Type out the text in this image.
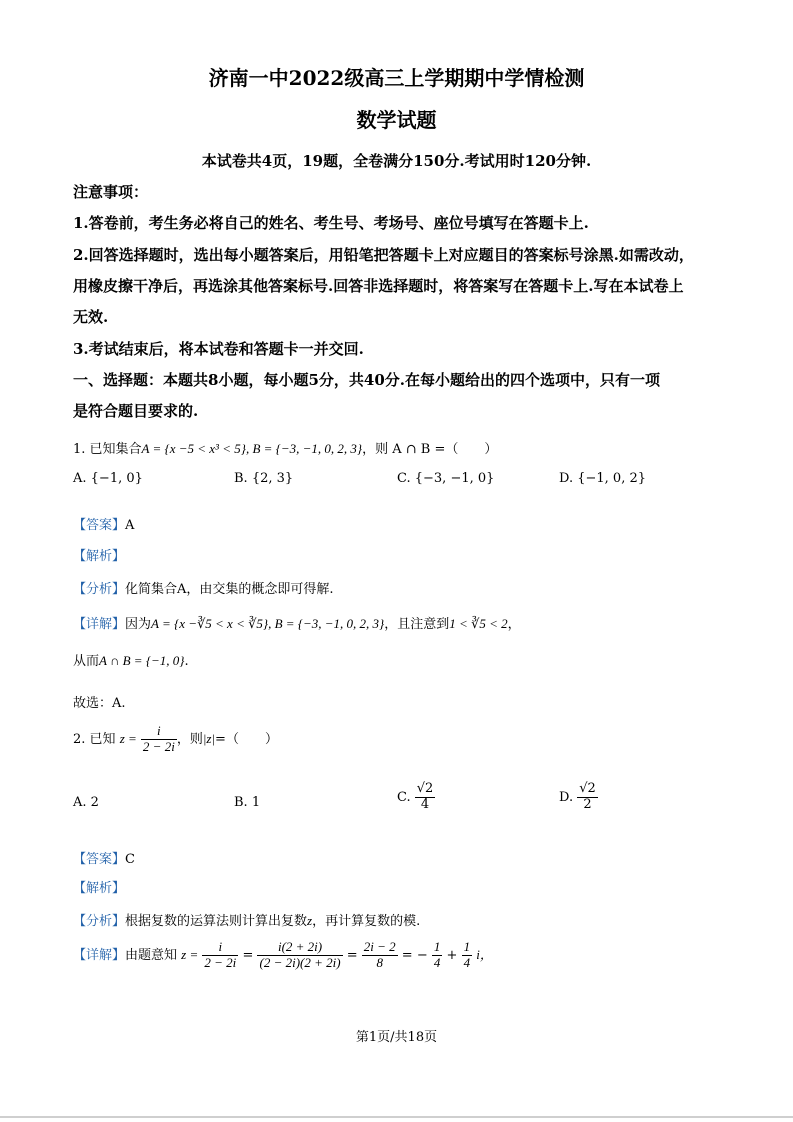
济南一中2022级高三上学期期中学情检测
数学试题
本试卷共4页，19题，全卷满分150分.考试用时120分钟.
注意事项：
1.答卷前，考生务必将自己的姓名、考生号、考场号、座位号填写在答题卡上.
2.回答选择题时，选出每小题答案后，用铅笔把答题卡上对应题目的答案标号涂黑.如需改动，
用橡皮擦干净后，再选涂其他答案标号.回答非选择题时，将答案写在答题卡上.写在本试卷上
无效.
3.考试结束后，将本试卷和答题卡一并交回.
一、选择题：本题共8小题，每小题5分，共40分.在每小题给出的四个选项中，只有一项
是符合题目要求的.
1. 已知集合A = {x −5 < x³ < 5}, B = {−3, −1, 0, 2, 3}，则 A ∩ B =（　　）
A. {−1, 0}	B. {2, 3}	C. {−3, −1, 0}	D. {−1, 0, 2}
【答案】A
【解析】
【分析】化简集合A，由交集的概念即可得解.
【详解】因为A = {x −∛5 < x < ∛5}, B = {−3, −1, 0, 2, 3}，且注意到1 < ∛5 < 2，
从而A ∩ B = {−1, 0}.
故选：A.
2. 已知 $z = \frac{i}{2 - 2i}$ ，则|z|=（　　）
A. 2	B. 1	C. $\frac{√2}{4}$	D. $\frac{√2}{2}$
【答案】C
【解析】
【分析】根据复数的运算法则计算出复数z，再计算复数的模.
【详解】由题意知 $z = \frac{i}{2 - 2i} = \frac{i(2 + 2i)}{(2 - 2i)(2 + 2i)} = \frac{2i - 2}{8}$ = − $\frac{1}{4} + \frac{1}{4}$ i，
第1页/共18页
